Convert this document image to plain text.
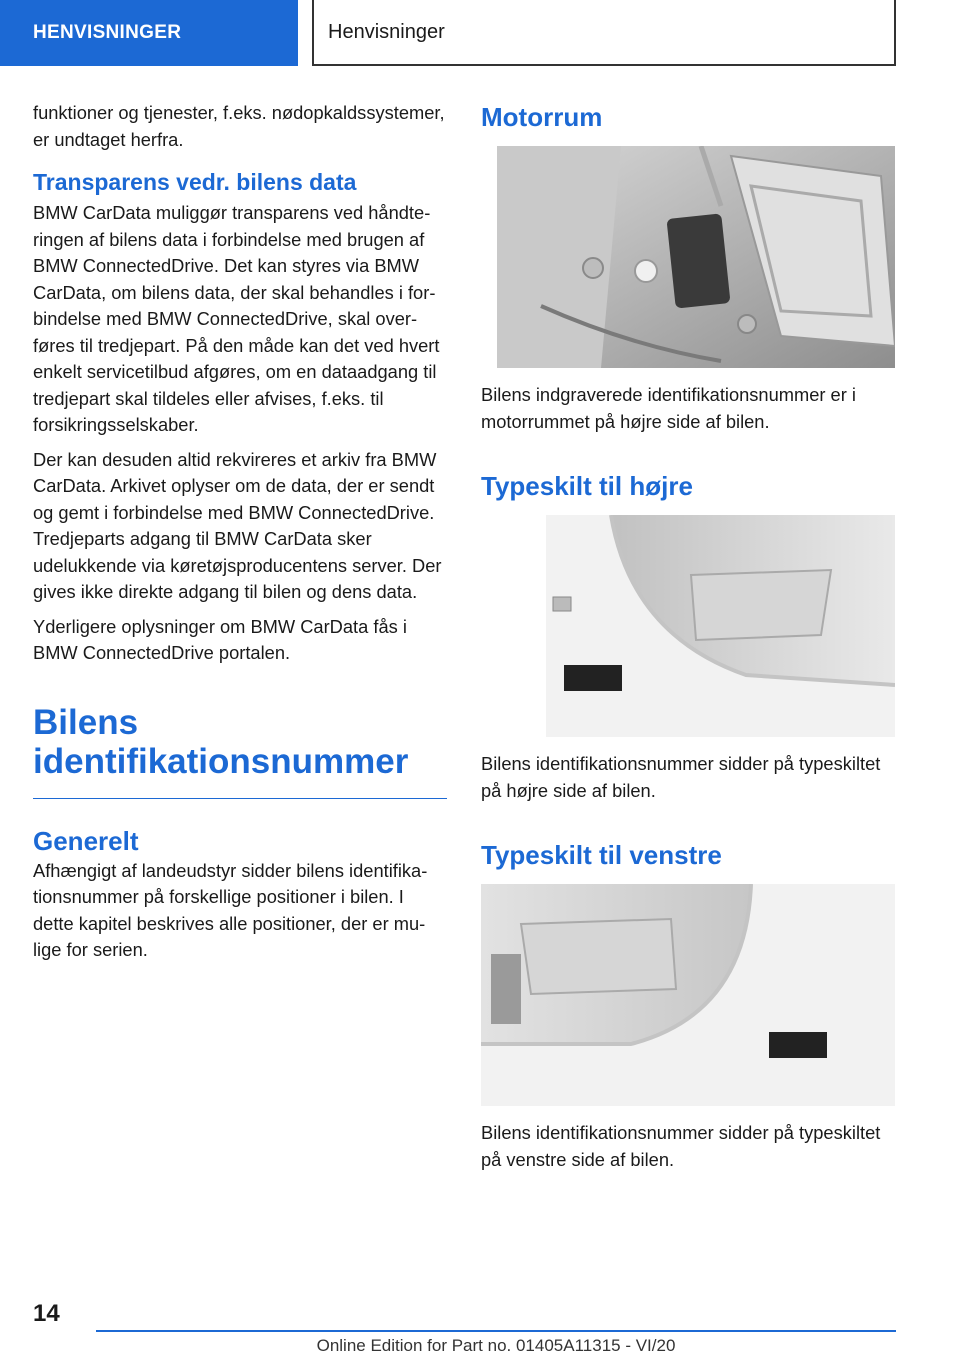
HENVISNINGER	Henvisninger

funktioner og tjenester, f.eks. nødopkaldssystemer, er undtaget herfra.

Transparens vedr. bilens data

BMW CarData muliggør transparens ved håndteringen af bilens data i forbindelse med brugen af BMW ConnectedDrive. Det kan styres via BMW CarData, om bilens data, der skal behandles i forbindelse med BMW ConnectedDrive, skal overføres til tredjepart. På den måde kan det ved hvert enkelt servicetilbud afgøres, om en dataadgang til tredjepart skal tildeles eller afvises, f.eks. til forsikringsselskaber.

Der kan desuden altid rekvireres et arkiv fra BMW CarData. Arkivet oplyser om de data, der er sendt og gemt i forbindelse med BMW ConnectedDrive. Tredjeparts adgang til BMW CarData sker udelukkende via køretøjsproducentens server. Der gives ikke direkte adgang til bilen og dens data.

Yderligere oplysninger om BMW CarData fås i BMW ConnectedDrive portalen.

Bilens
identifikationsnummer
Generelt

Afhængigt af landeudstyr sidder bilens identifikationsnummer på forskellige positioner i bilen. I dette kapitel beskrives alle positioner, der er mulige for serien.

Motorrum

Bilens indgraverede identifikationsnummer er i motorrummet på højre side af bilen.

Typeskilt til højre

Bilens identifikationsnummer sidder på typeskiltet på højre side af bilen.

Typeskilt til venstre

Bilens identifikationsnummer sidder på typeskiltet på venstre side af bilen.

14
Online Edition for Part no. 01405A11315 - VI/20
